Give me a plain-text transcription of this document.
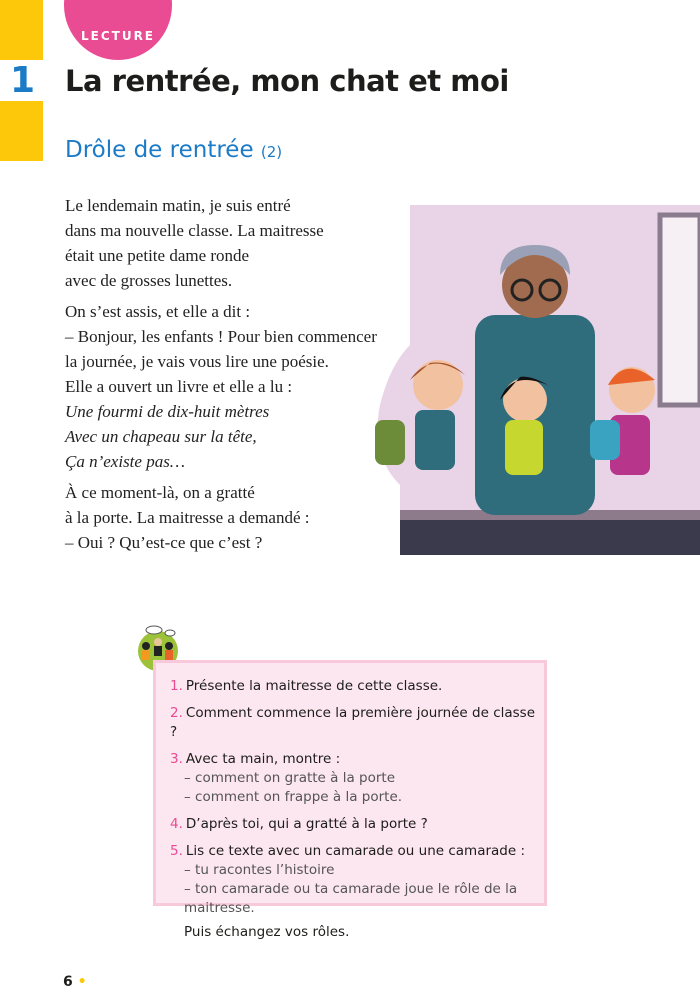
LECTURE
1 La rentrée, mon chat et moi
Drôle de rentrée (2)

Le lendemain matin, je suis entré
dans ma nouvelle classe. La maitresse
était une petite dame ronde
avec de grosses lunettes.

On s’est assis, et elle a dit :
– Bonjour, les enfants ! Pour bien commencer
la journée, je vais vous lire une poésie.
Elle a ouvert un livre et elle a lu :
Une fourmi de dix-huit mètres
Avec un chapeau sur la tête,
Ça n’existe pas…

À ce moment-là, on a gratté
à la porte. La maitresse a demandé :
– Oui ? Qu’est-ce que c’est ?

1. Présente la maitresse de cette classe.
2. Comment commence la première journée de classe ?
3. Avec ta main, montre :
– comment on gratte à la porte
– comment on frappe à la porte.
4. D’après toi, qui a gratté à la porte ?
5. Lis ce texte avec un camarade ou une camarade :
– tu racontes l’histoire
– ton camarade ou ta camarade joue le rôle de la maitresse.
Puis échangez vos rôles.
6 •
